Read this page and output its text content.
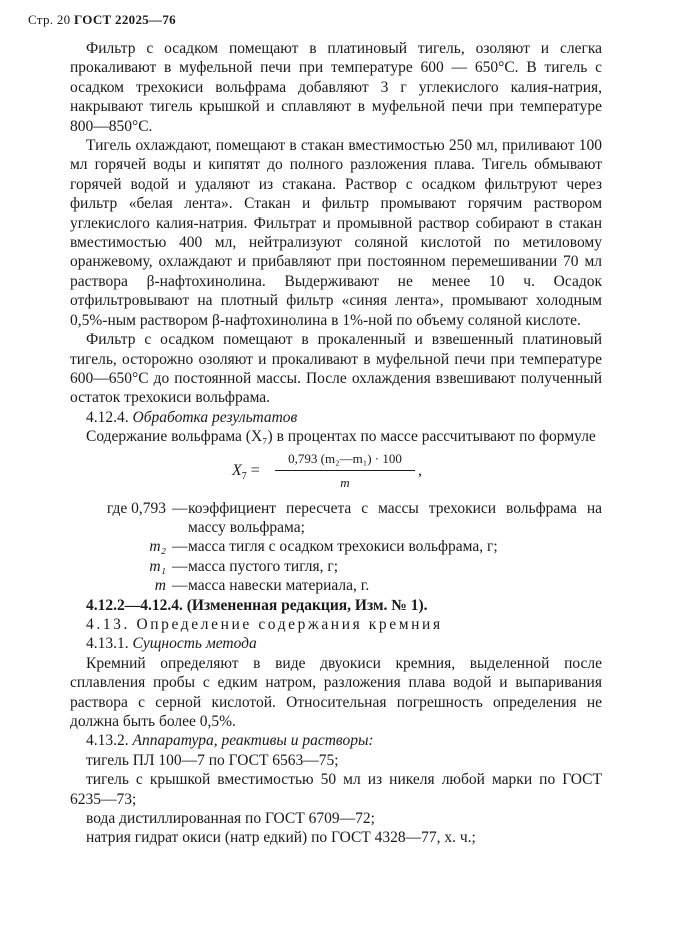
Стр. 20 ГОСТ 22025—76

Фильтр с осадком помещают в платиновый тигель, озоляют и слегка прокаливают в муфельной печи при температуре 600 — 650°С. В тигель с осадком трехокиси вольфрама добавляют 3 г углекислого калия-натрия, накрывают тигель крышкой и сплавляют в муфельной печи при температуре 800—850°С.

Тигель охлаждают, помещают в стакан вместимостью 250 мл, приливают 100 мл горячей воды и кипятят до полного разложения плава. Тигель обмывают горячей водой и удаляют из стакана. Раствор с осадком фильтруют через фильтр «белая лента». Стакан и фильтр промывают горячим раствором углекислого калия-натрия. Фильтрат и промывной раствор собирают в стакан вместимостью 400 мл, нейтрализуют соляной кислотой по метиловому оранжевому, охлаждают и прибавляют при постоянном перемешивании 70 мл раствора β-нафтохинолина. Выдерживают не менее 10 ч. Осадок отфильтровывают на плотный фильтр «синяя лента», промывают холодным 0,5%-ным раствором β-нафтохинолина в 1%-ной по объему соляной кислоте.

Фильтр с осадком помещают в прокаленный и взвешенный платиновый тигель, осторожно озоляют и прокаливают в муфельной печи при температуре 600—650°С до постоянной массы. После охлаждения взвешивают полученный остаток трехокиси вольфрама.

4.12.4. Обработка результатов

Содержание вольфрама (X₇) в процентах по массе рассчитывают по формуле

$X_7 = \frac{\text{0,793 (m₂—m₁) · 100}}{m}$ ,
где 0,793 — коэффициент пересчета с массы трехокиси вольфрама на массу вольфрама;
m₂ — масса тигля с осадком трехокиси вольфрама, г;
m₁ — масса пустого тигля, г;
m — масса навески материала, г.

4.12.2—4.12.4. (Измененная редакция, Изм. № 1).

4.13. Определение содержания кремния

4.13.1. Сущность метода

Кремний определяют в виде двуокиси кремния, выделенной после сплавления пробы с едким натром, разложения плава водой и выпаривания раствора с серной кислотой. Относительная погрешность определения не должна быть более 0,5%.

4.13.2. Аппаратура, реактивы и растворы:

тигель ПЛ 100—7 по ГОСТ 6563—75;

тигель с крышкой вместимостью 50 мл из никеля любой марки по ГОСТ 6235—73;

вода дистиллированная по ГОСТ 6709—72;

натрия гидрат окиси (натр едкий) по ГОСТ 4328—77, х. ч.;
